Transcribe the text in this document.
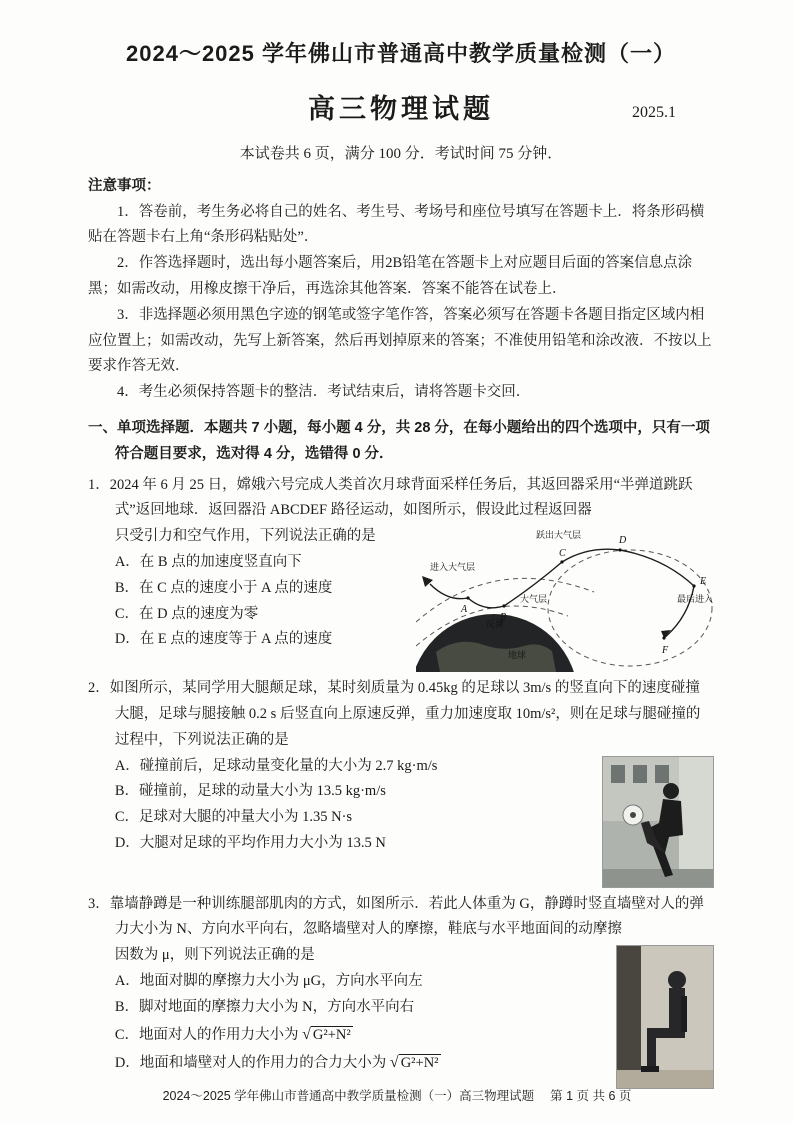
2024～2025 学年佛山市普通高中教学质量检测（一）
高三物理试题	2025.1

本试卷共 6 页，满分 100 分．考试时间 75 分钟．

注意事项：

1．答卷前，考生务必将自己的姓名、考生号、考场号和座位号填写在答题卡上．将条形码横贴在答题卡右上角“条形码粘贴处”．

2．作答选择题时，选出每小题答案后，用2B铅笔在答题卡上对应题目后面的答案信息点涂黑；如需改动，用橡皮擦干净后，再选涂其他答案．答案不能答在试卷上．

3．非选择题必须用黑色字迹的钢笔或签字笔作答，答案必须写在答题卡各题目指定区域内相应位置上；如需改动，先写上新答案，然后再划掉原来的答案；不准使用铅笔和涂改液．不按以上要求作答无效．

4．考生必须保持答题卡的整洁．考试结束后，请将答题卡交回．

一、单项选择题．本题共 7 小题，每小题 4 分，共 28 分，在每小题给出的四个选项中，只有一项符合题目要求，选对得 4 分，选错得 0 分．

1．2024 年 6 月 25 日，嫦娥六号完成人类首次月球背面采样任务后，其返回器采用“半弹道跳跃式”返回地球．返回器沿 ABCDEF 路径运动，如图所示，假设此过程返回器

地球
跃出大气层
进入大气层
大气层
反弹
最后进入
A
B
C
D
E
F

只受引力和空气作用，下列说法正确的是

A．在 B 点的加速度竖直向下

B．在 C 点的速度小于 A 点的速度

C．在 D 点的速度为零

D．在 E 点的速度等于 A 点的速度

2．如图所示，某同学用大腿颠足球，某时刻质量为 0.45kg 的足球以 3m/s 的竖直向下的速度碰撞大腿，足球与腿接触 0.2 s 后竖直向上原速反弹，重力加速度取 10m/s²，则在足球与腿碰撞的过程中，下列说法正确的是

A．碰撞前后，足球动量变化量的大小为 2.7 kg·m/s

B．碰撞前，足球的动量大小为 13.5 kg·m/s

C．足球对大腿的冲量大小为 1.35 N·s

D．大腿对足球的平均作用力大小为 13.5 N

3．靠墙静蹲是一种训练腿部肌肉的方式，如图所示．若此人体重为 G，静蹲时竖直墙壁对人的弹力大小为 N、方向水平向右，忽略墙壁对人的摩擦，鞋底与水平地面间的动摩擦

因数为 μ，则下列说法正确的是

A．地面对脚的摩擦力大小为 μG，方向水平向左

B．脚对地面的摩擦力大小为 N，方向水平向右

C．地面对人的作用力大小为 √ G²+N²

D．地面和墙壁对人的作用力的合力大小为 √ G²+N²

2024～2025 学年佛山市普通高中教学质量检测（一）高三物理试题 第 1 页 共 6 页
